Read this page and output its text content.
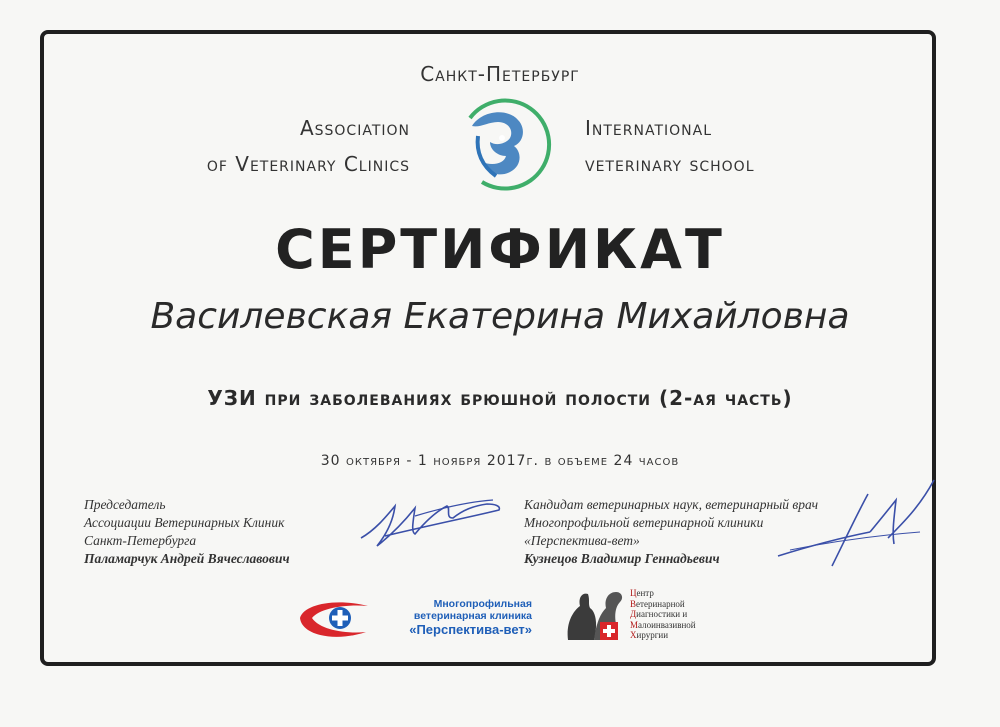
Санкт-Петербург
Association
of Veterinary Clinics
International
veterinary school
СЕРТИФИКАТ
Василевская Екатерина Михайловна
УЗИ при заболеваниях брюшной полости (2-ая часть)
30 октября - 1 ноября 2017г. в объеме 24 часов
Председатель
Ассоциации Ветеринарных Клиник
Санкт-Петербурга
Паламарчук Андрей Вячеславович
Кандидат ветеринарных наук, ветеринарный врач
Многопрофильной ветеринарной клиники
«Перспектива-вет»
Кузнецов Владимир Геннадьевич
Многопрофильная
ветеринарная клиника
«Перспектива-вет»
Центр
Ветеринарной
Диагностики и
Малоинвазивной
Хирургии
